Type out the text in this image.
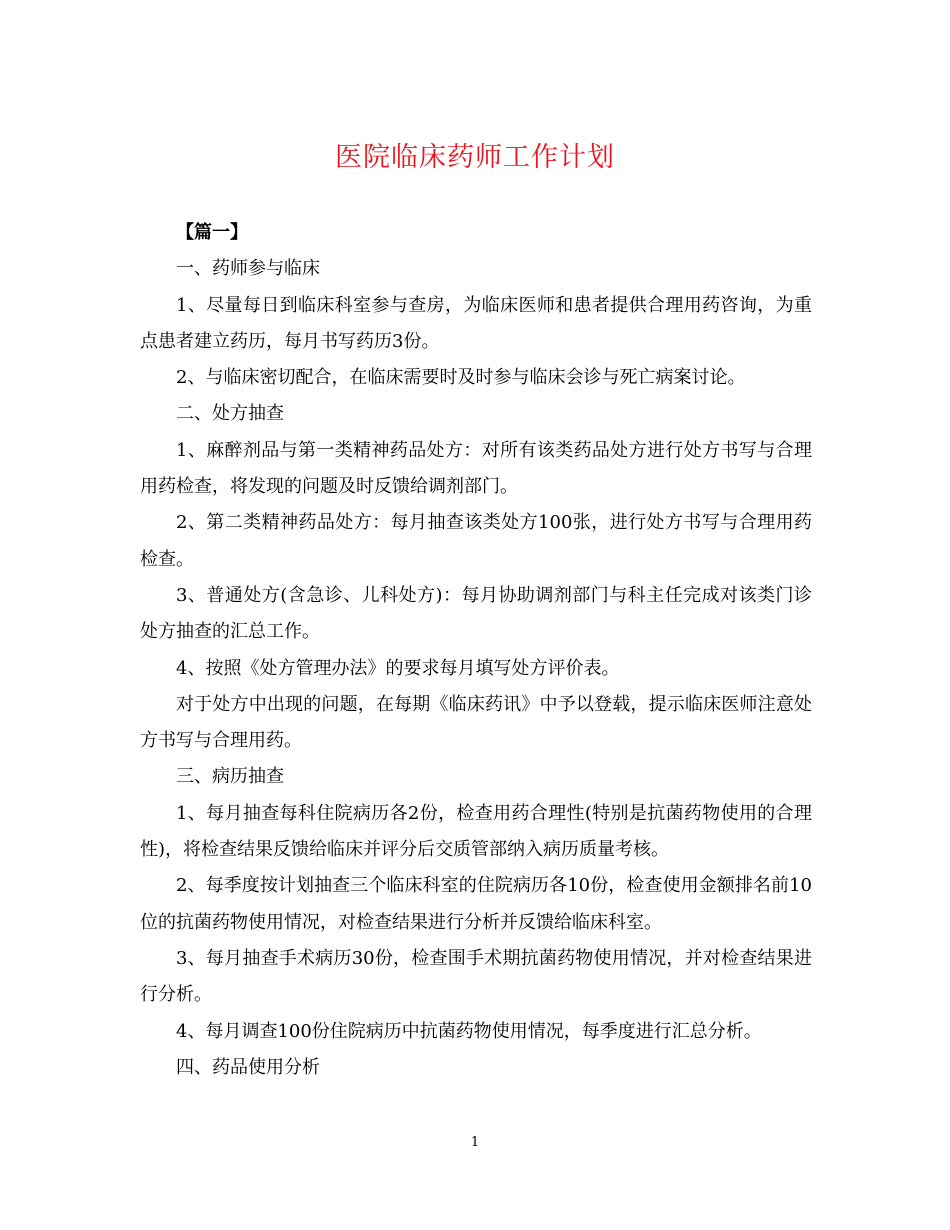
医院临床药师工作计划

【篇一】

一、药师参与临床

1、尽量每日到临床科室参与查房，为临床医师和患者提供合理用药咨询，为重点患者建立药历，每月书写药历3份。

2、与临床密切配合，在临床需要时及时参与临床会诊与死亡病案讨论。

二、处方抽查

1、麻醉剂品与第一类精神药品处方：对所有该类药品处方进行处方书写与合理用药检查，将发现的问题及时反馈给调剂部门。

2、第二类精神药品处方：每月抽查该类处方100张，进行处方书写与合理用药检查。

3、普通处方(含急诊、儿科处方)：每月协助调剂部门与科主任完成对该类门诊处方抽查的汇总工作。

4、按照《处方管理办法》的要求每月填写处方评价表。

对于处方中出现的问题，在每期《临床药讯》中予以登载，提示临床医师注意处方书写与合理用药。

三、病历抽查

1、每月抽查每科住院病历各2份，检查用药合理性(特别是抗菌药物使用的合理性)，将检查结果反馈给临床并评分后交质管部纳入病历质量考核。

2、每季度按计划抽查三个临床科室的住院病历各10份，检查使用金额排名前10位的抗菌药物使用情况，对检查结果进行分析并反馈给临床科室。

3、每月抽查手术病历30份，检查围手术期抗菌药物使用情况，并对检查结果进行分析。

4、每月调查100份住院病历中抗菌药物使用情况，每季度进行汇总分析。

四、药品使用分析

1
